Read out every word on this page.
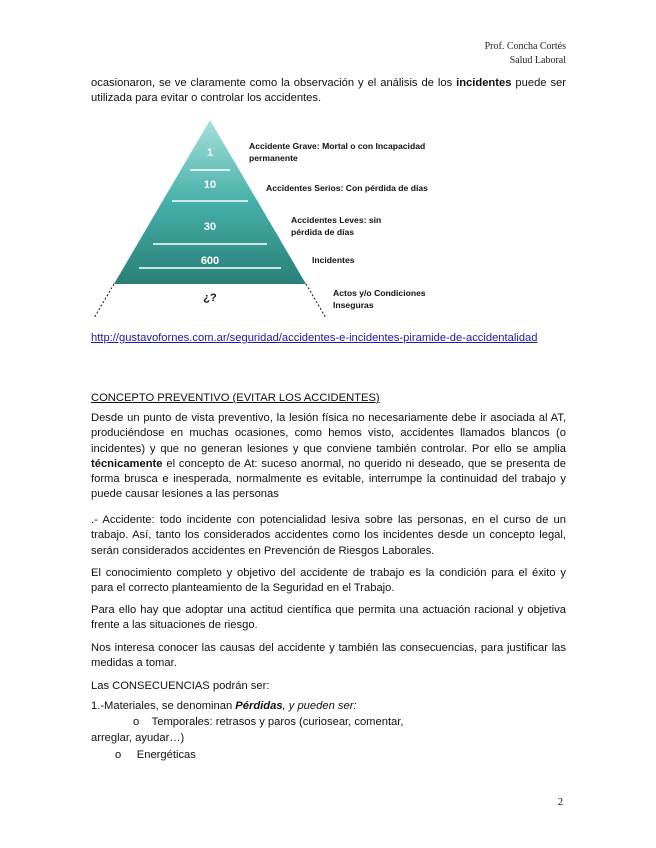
Prof. Concha Cortés
Salud Laboral

ocasionaron, se ve claramente como la observación y el análisis de los incidentes puede ser utilizada para evitar o controlar los accidentes.

1
10
30
600
¿?
Accidente Grave: Mortal o con Incapacidad permanente
Accidentes Serios: Con pérdida de días
Accidentes Leves: sin pérdida de días
Incidentes
Actos y/o Condiciones Inseguras

http://gustavofornes.com.ar/seguridad/accidentes-e-incidentes-piramide-de-accidentalidad

CONCEPTO PREVENTIVO (EVITAR LOS ACCIDENTES)

Desde un punto de vista preventivo, la lesión física no necesariamente debe ir asociada al AT, produciéndose en muchas ocasiones, como hemos visto, accidentes llamados blancos (o incidentes) y que no generan lesiones y que conviene también controlar. Por ello se amplia técnicamente el concepto de At: suceso anormal, no querido ni deseado, que se presenta de forma brusca e inesperada, normalmente es evitable, interrumpe la continuidad del trabajo y puede causar lesiones a las personas

.- Accidente: todo incidente con potencialidad lesiva sobre las personas, en el curso de un trabajo. Así, tanto los considerados accidentes como los incidentes desde un concepto legal, serán considerados accidentes en Prevención de Riesgos Laborales.

El conocimiento completo y objetivo del accidente de trabajo es la condición para el éxito y para el correcto planteamiento de la Seguridad en el Trabajo.

Para ello hay que adoptar una actitud científica que permita una actuación racional y objetiva frente a las situaciones de riesgo.

Nos interesa conocer las causas del accidente y también las consecuencias, para justificar las medidas a tomar.

Las CONSECUENCIAS podrán ser:

1.-Materiales, se denominan Pérdidas, y pueden ser:
o Temporales: retrasos y paros (curiosear, comentar,
arreglar, ayudar…)
o Energéticas
2
